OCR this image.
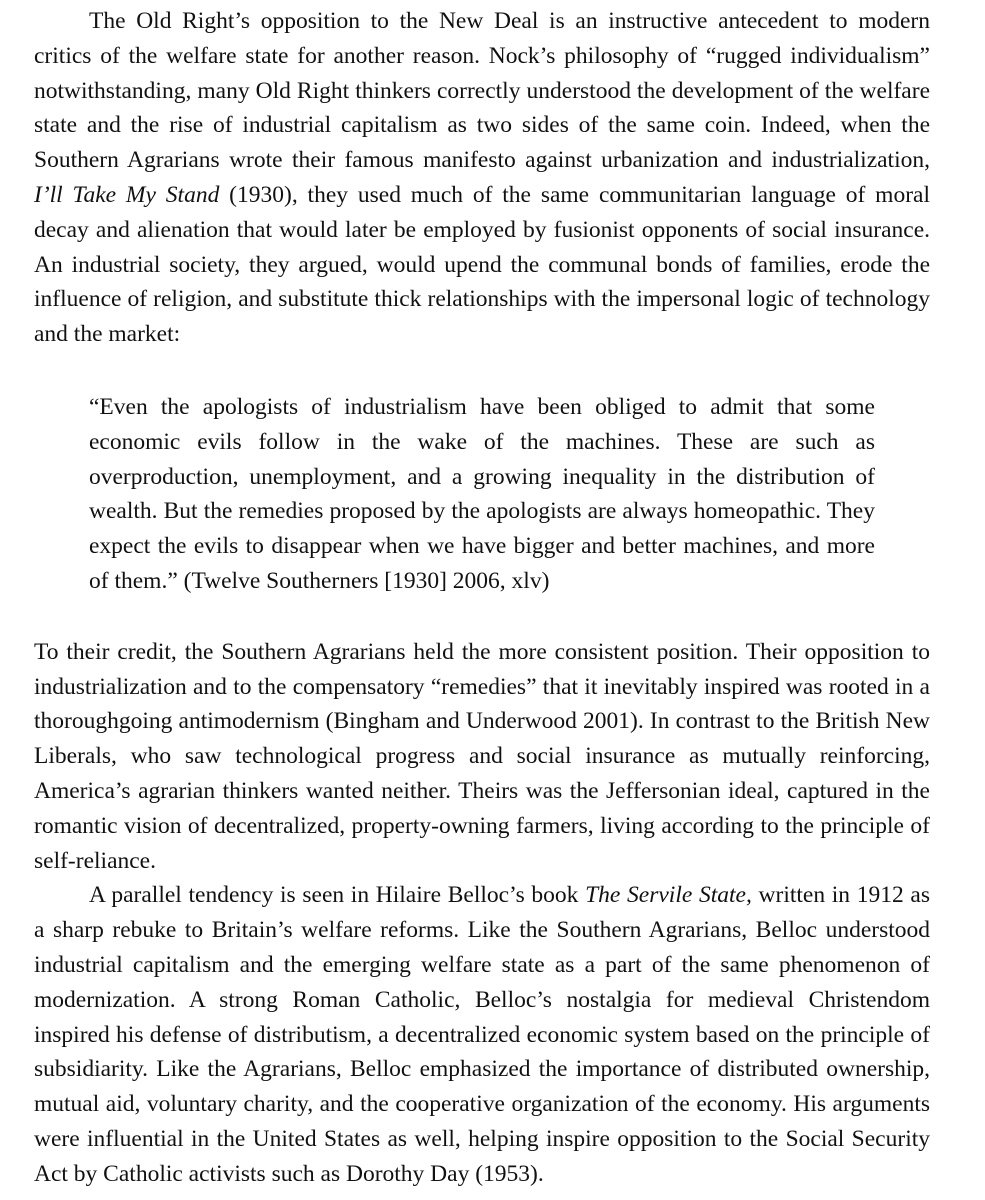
The Old Right’s opposition to the New Deal is an instructive antecedent to modern critics of the welfare state for another reason. Nock’s philosophy of “rugged individualism” notwithstanding, many Old Right thinkers correctly understood the development of the welfare state and the rise of industrial capitalism as two sides of the same coin. Indeed, when the Southern Agrarians wrote their famous manifesto against urbanization and industrialization, I’ll Take My Stand (1930), they used much of the same communitarian language of moral decay and alienation that would later be employed by fusionist opponents of social insurance. An industrial society, they argued, would upend the communal bonds of families, erode the influence of religion, and substitute thick relationships with the impersonal logic of technology and the market:

“Even the apologists of industrialism have been obliged to admit that some economic evils follow in the wake of the machines. These are such as overproduction, unemployment, and a growing inequality in the distribution of wealth. But the remedies proposed by the apologists are always homeopathic. They expect the evils to disappear when we have bigger and better machines, and more of them.” (Twelve Southerners [1930] 2006, xlv)

To their credit, the Southern Agrarians held the more consistent position. Their opposition to industrialization and to the compensatory “remedies” that it inevitably inspired was rooted in a thoroughgoing antimodernism (Bingham and Underwood 2001). In contrast to the British New Liberals, who saw technological progress and social insurance as mutually reinforcing, America’s agrarian thinkers wanted neither. Theirs was the Jeffersonian ideal, captured in the romantic vision of decentralized, property-owning farmers, living according to the principle of self-reliance.

A parallel tendency is seen in Hilaire Belloc’s book The Servile State, written in 1912 as a sharp rebuke to Britain’s welfare reforms. Like the Southern Agrarians, Belloc understood industrial capitalism and the emerging welfare state as a part of the same phenomenon of modernization. A strong Roman Catholic, Belloc’s nostalgia for medieval Christendom inspired his defense of distributism, a decentralized economic system based on the principle of subsidiarity. Like the Agrarians, Belloc emphasized the importance of distributed ownership, mutual aid, voluntary charity, and the cooperative organization of the economy. His arguments were influential in the United States as well, helping inspire opposition to the Social Security Act by Catholic activists such as Dorothy Day (1953).
